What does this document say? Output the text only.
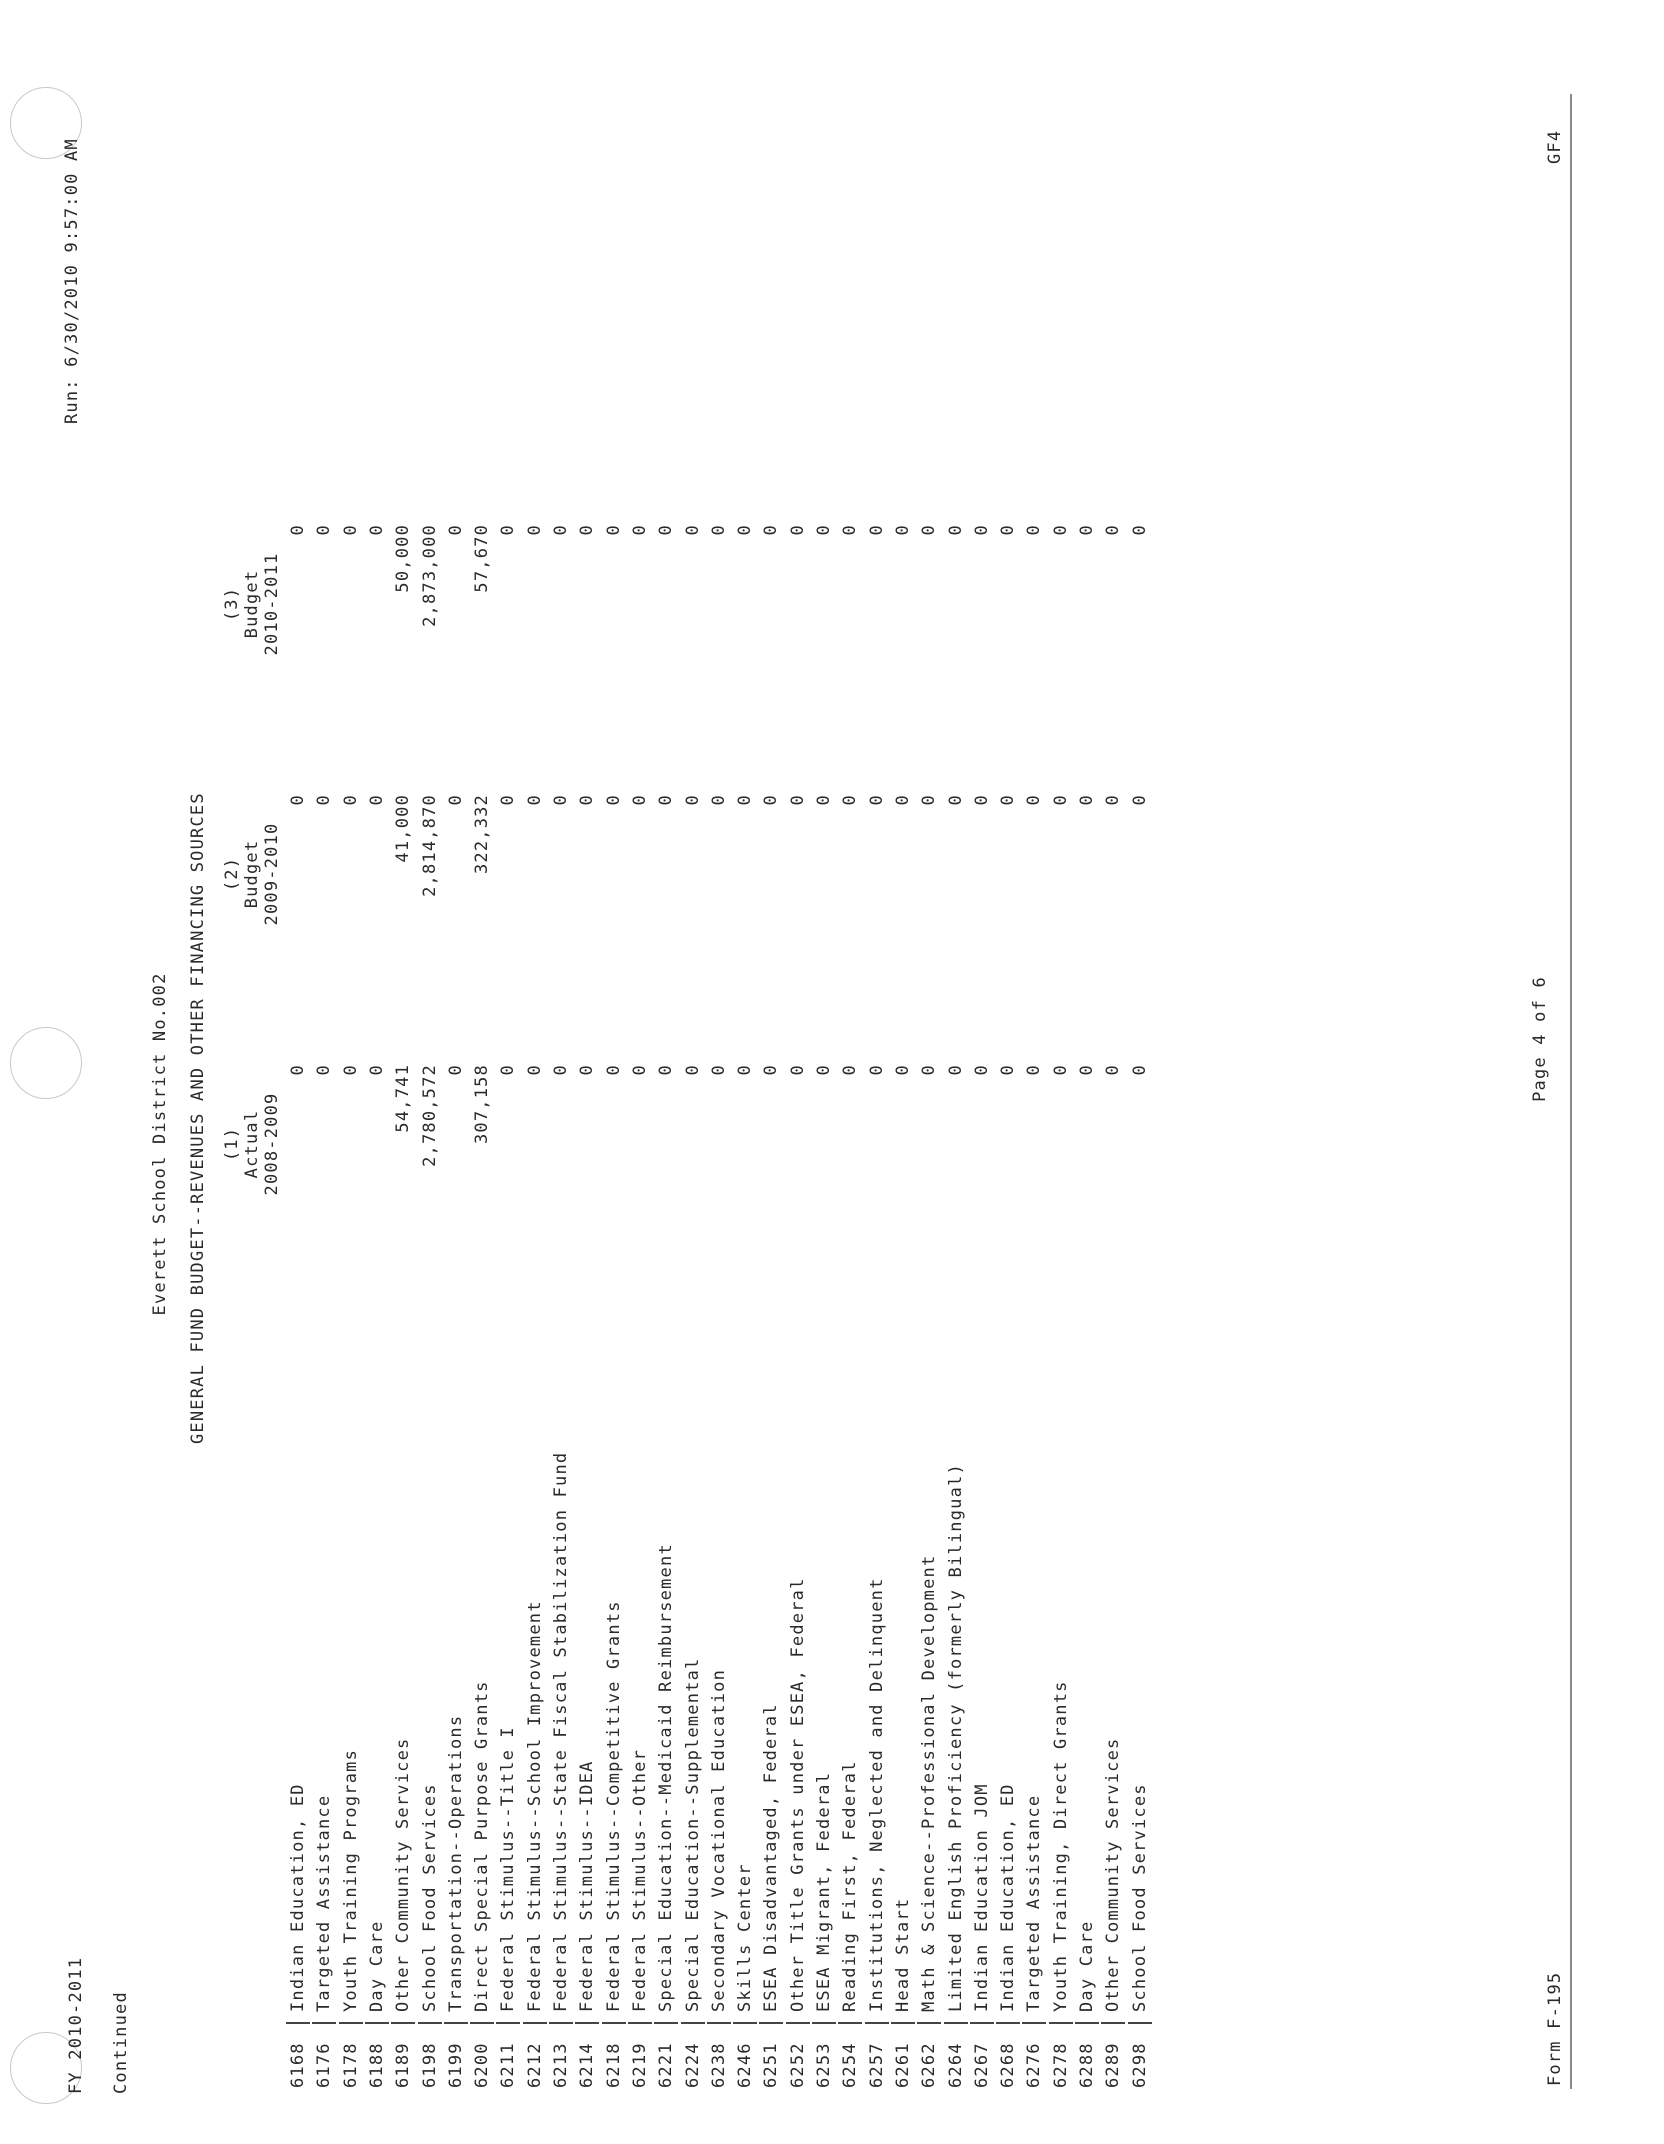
FY 2010-2011 Continued
Everett School District No.002 GENERAL FUND BUDGET--REVENUES AND OTHER FINANCING SOURCES
Run: 6/30/2010 9:57:00 AM
(1) Actual 2008-2009
(2) Budget 2009-2010
(3) Budget 2010-2011
6168
Indian Education, ED
0
0
0
6176
Targeted Assistance
0
0
0
6178
Youth Training Programs
0
0
0
6188
Day Care
0
0
0
6189
Other Community Services
54,741
41,000
50,000
6198
School Food Services
2,780,572
2,814,870
2,873,000
6199
Transportation--Operations
0
0
0
6200
Direct Special Purpose Grants
307,158
322,332
57,670
6211
Federal Stimulus--Title I
0
0
0
6212
Federal Stimulus--School Improvement
0
0
0
6213
Federal Stimulus--State Fiscal Stabilization Fund
0
0
0
6214
Federal Stimulus--IDEA
0
0
0
6218
Federal Stimulus--Competitive Grants
0
0
0
6219
Federal Stimulus--Other
0
0
0
6221
Special Education--Medicaid Reimbursement
0
0
0
6224
Special Education--Supplemental
0
0
0
6238
Secondary Vocational Education
0
0
0
6246
Skills Center
0
0
0
6251
ESEA Disadvantaged, Federal
0
0
0
6252
Other Title Grants under ESEA, Federal
0
0
0
6253
ESEA Migrant, Federal
0
0
0
6254
Reading First, Federal
0
0
0
6257
Institutions, Neglected and Delinquent
0
0
0
6261
Head Start
0
0
0
6262
Math & Science--Professional Development
0
0
0
6264
Limited English Proficiency (formerly Bilingual)
0
0
0
6267
Indian Education JOM
0
0
0
6268
Indian Education, ED
0
0
0
6276
Targeted Assistance
0
0
0
6278
Youth Training, Direct Grants
0
0
0
6288
Day Care
0
0
0
6289
Other Community Services
0
0
0
6298
School Food Services
0
0
0
Form F-195
Page 4 of 6
GF4
